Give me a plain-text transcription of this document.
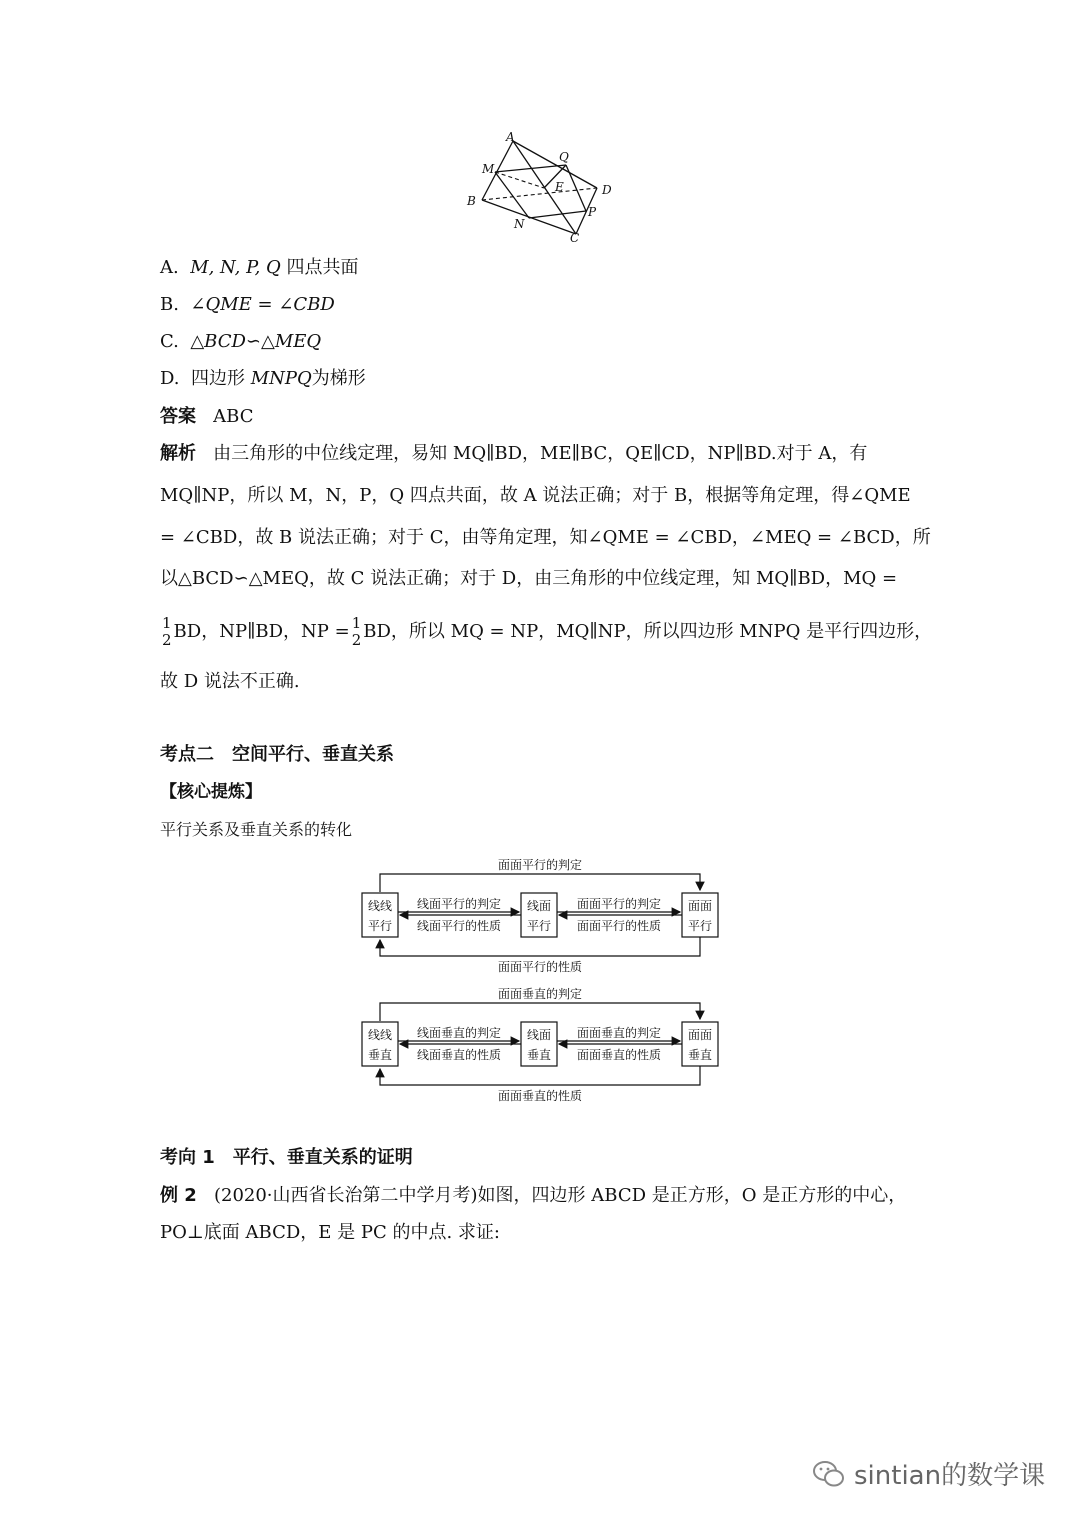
A
Q
M
E	D
B
P
N
C
A. M, N, P, Q 四点共面
B. ∠QME = ∠CBD
C. △BCD∽△MEQ
D. 四边形 MNPQ为梯形
答案 ABC
解析 由三角形的中位线定理，易知 MQ∥BD，ME∥BC，QE∥CD，NP∥BD.对于 A，有
MQ∥NP，所以 M，N，P，Q 四点共面，故 A 说法正确；对于 B，根据等角定理，得∠QME
= ∠CBD，故 B 说法正确；对于 C，由等角定理，知∠QME = ∠CBD，∠MEQ = ∠BCD，所
以△BCD∽△MEQ，故 C 说法正确；对于 D，由三角形的中位线定理，知 MQ∥BD，MQ =
1
2 BD，NP∥BD，NP = 1
2 BD，所以 MQ = NP，MQ∥NP，所以四边形 MNPQ 是平行四边形，
故 D 说法不正确.
考点二　空间平行、垂直关系
【核心提炼】
平行关系及垂直关系的转化
面面平行的判定
面面平行的性质
线线
平行
线面
平行
面面
平行
线面平行的判定
线面平行的性质
面面平行的判定
面面平行的性质
面面垂直的判定
面面垂直的性质
线线
垂直
线面
垂直
面面
垂直
线面垂直的判定
线面垂直的性质
面面垂直的判定
面面垂直的性质
考向 1　平行、垂直关系的证明
例 2 (2020·山西省长治第二中学月考)如图，四边形 ABCD 是正方形，O 是正方形的中心，
PO⊥底面 ABCD，E 是 PC 的中点. 求证:
sintian的数学课
